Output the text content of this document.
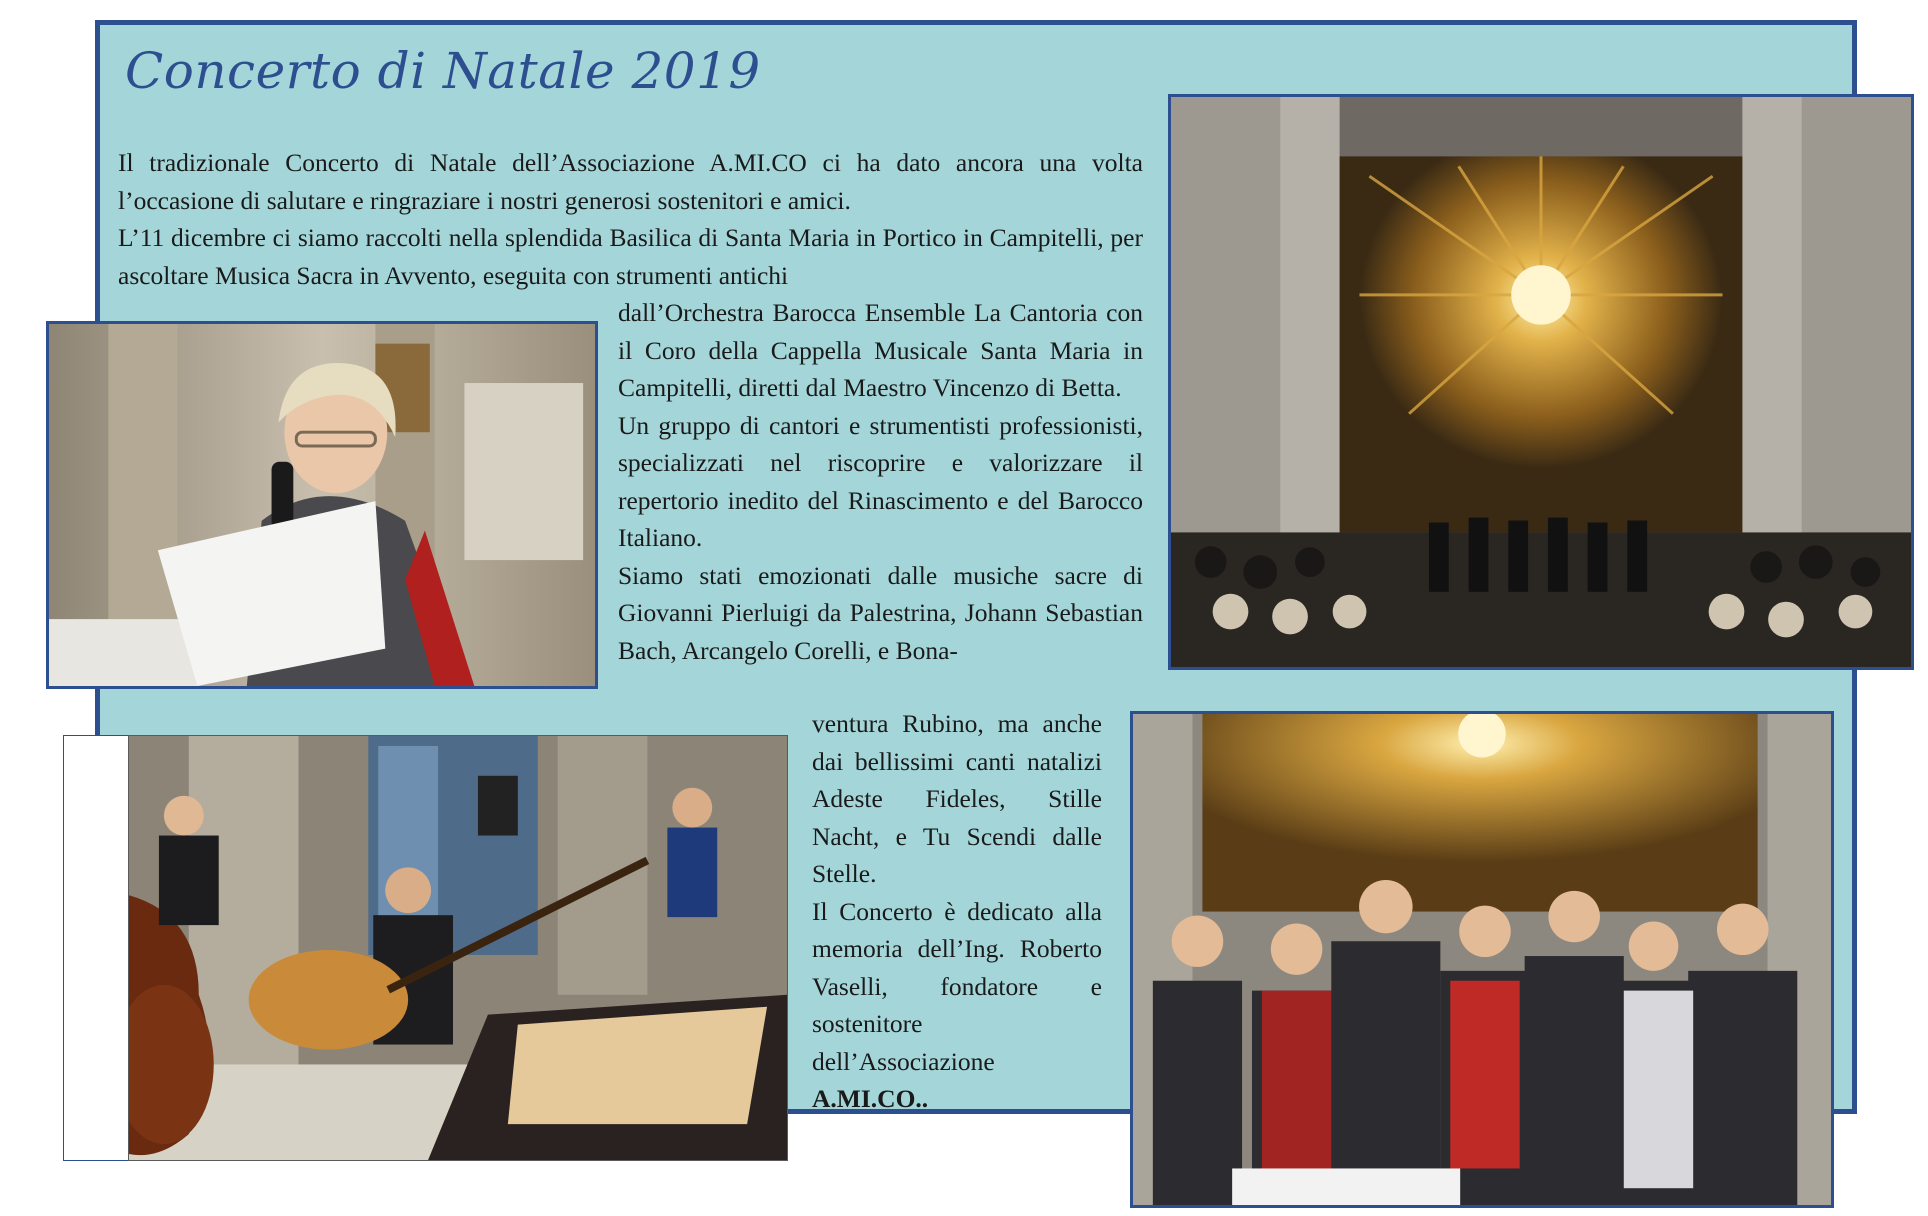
Concerto di Natale 2019

Il tradizionale Concerto di Natale dell’Associazione A.MI.CO ci ha dato ancora una volta l’occasione di salutare e ringraziare i nostri generosi sostenitori e amici.

L’11 dicembre ci siamo raccolti nella splendida Basilica di Santa Maria in Portico in Campitelli, per ascoltare Musica Sacra in Avvento, eseguita con strumenti antichi

dall’Orchestra Barocca Ensemble La Cantoria con il Coro della Cappella Musicale Santa Maria in Campitelli, diretti dal Maestro Vincenzo di Betta.

Un gruppo di cantori e strumentisti professionisti, specializzati nel riscoprire e valorizzare il repertorio inedito del Rinascimento e del Barocco Italiano.

Siamo stati emozionati dalle musiche sacre di Giovanni Pierluigi da Palestrina, Johann Sebastian Bach, Arcangelo Corelli, e Bona-

ventura Rubino, ma anche dai bellissimi canti natalizi Adeste Fideles, Stille Nacht, e Tu Scendi dalle Stelle.

Il Concerto è dedicato alla memoria dell’Ing. Roberto Vaselli, fondatore e sostenitore dell’Associazione A.MI.CO..
